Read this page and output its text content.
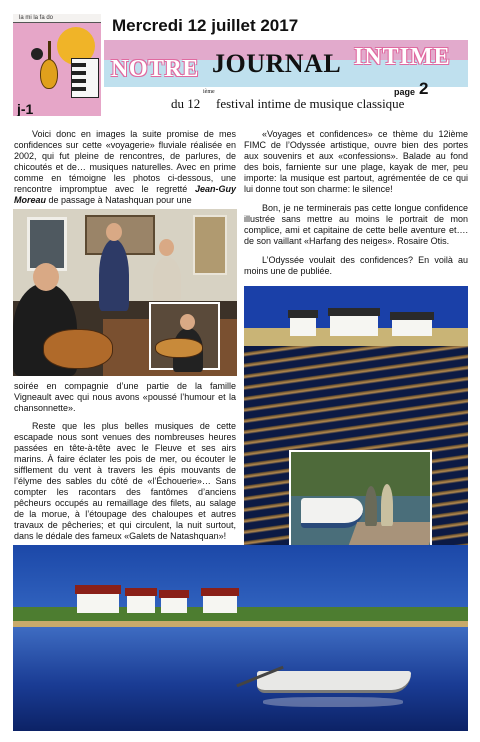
la mi la fa do
j-1
Mercredi 12 juillet 2017
NOTRE JOURNAL INTIME
page 2
du 12
ième
festival intime de musique classique

Voici donc en images la suite promise de mes confidences sur cette «voyagerie» fluviale réalisée en 2002, qui fut pleine de rencontres, de parlures, de chicoutés et de… musiques naturelles. Avec en prime comme en témoigne les photos ci-dessous, une rencontre impromptue avec le regretté Jean-Guy Moreau de passage à Natashquan pour une

soirée en compagnie d’une partie de la famille Vigneault avec qui nous avons «poussé l’humour et la chansonnette».

Reste que les plus belles musiques de cette escapade nous sont venues des nombreuses heures passées en tête-à-tête avec le Fleuve et ses airs marins. À faire éclater les pois de mer, ou écouter le sifflement du vent à travers les épis mouvants de l’élyme des sables du côté de «l’Échouerie»… Sans compter les racontars des fantômes d’anciens pêcheurs occupés au remaillage des filets, au salage de la morue, à l’étoupage des chaloupes et autres travaux de pêcheries; et qui circulent, la nuit surtout, dans le dédale des fameux «Galets de Natashquan»!

«Voyages et confidences» ce thème du 12ième FIMC de l’Odyssée artistique, ouvre bien des portes aux souvenirs et aux «confessions». Balade au fond des bois, farniente sur une plage, kayak de mer, peu importe: la musique est partout, agrémentée de ce qui lui donne tout son charme: le silence!

Bon, je ne terminerais pas cette longue confidence illustrée sans mettre au moins le portrait de mon complice, ami et capitaine de cette belle aventure et…. de son vaillant «Harfang des neiges». Rosaire Otis.

L’Odyssée voulait des confidences? En voilà au moins une de publiée.
